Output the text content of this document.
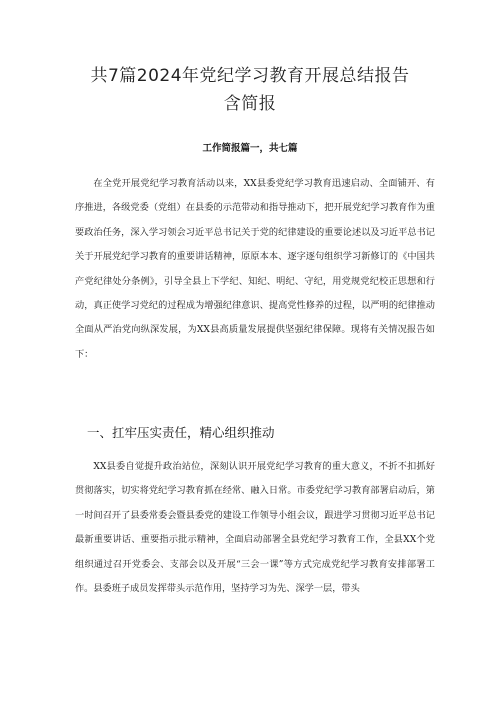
共7篇2024年党纪学习教育开展总结报告
含简报
工作简报篇一，共七篇

在全党开展党纪学习教育活动以来，XX县委党纪学习教育迅速启动、全面铺开、有序推进，各级党委（党组）在县委的示范带动和指导推动下，把开展党纪学习教育作为重要政治任务，深入学习领会习近平总书记关于党的纪律建设的重要论述以及习近平总书记关于开展党纪学习教育的重要讲话精神，原原本本、逐字逐句组织学习新修订的《中国共产党纪律处分条例》，引导全县上下学纪、知纪、明纪、守纪，用党规党纪校正思想和行动，真正使学习党纪的过程成为增强纪律意识、提高党性修养的过程，以严明的纪律推动全面从严治党向纵深发展，为XX县高质量发展提供坚强纪律保障。现将有关情况报告如下：

一、扛牢压实责任，精心组织推动

XX县委自觉提升政治站位，深刻认识开展党纪学习教育的重大意义，不折不扣抓好贯彻落实，切实将党纪学习教育抓在经常、融入日常。市委党纪学习教育部署启动后，第一时间召开了县委常委会暨县委党的建设工作领导小组会议，跟进学习贯彻习近平总书记最新重要讲话、重要指示批示精神，全面启动部署全县党纪学习教育工作，全县XX个党组织通过召开党委会、支部会以及开展“三会一课”等方式完成党纪学习教育安排部署工作。县委班子成员发挥带头示范作用，坚持学习为先、深学一层，带头
